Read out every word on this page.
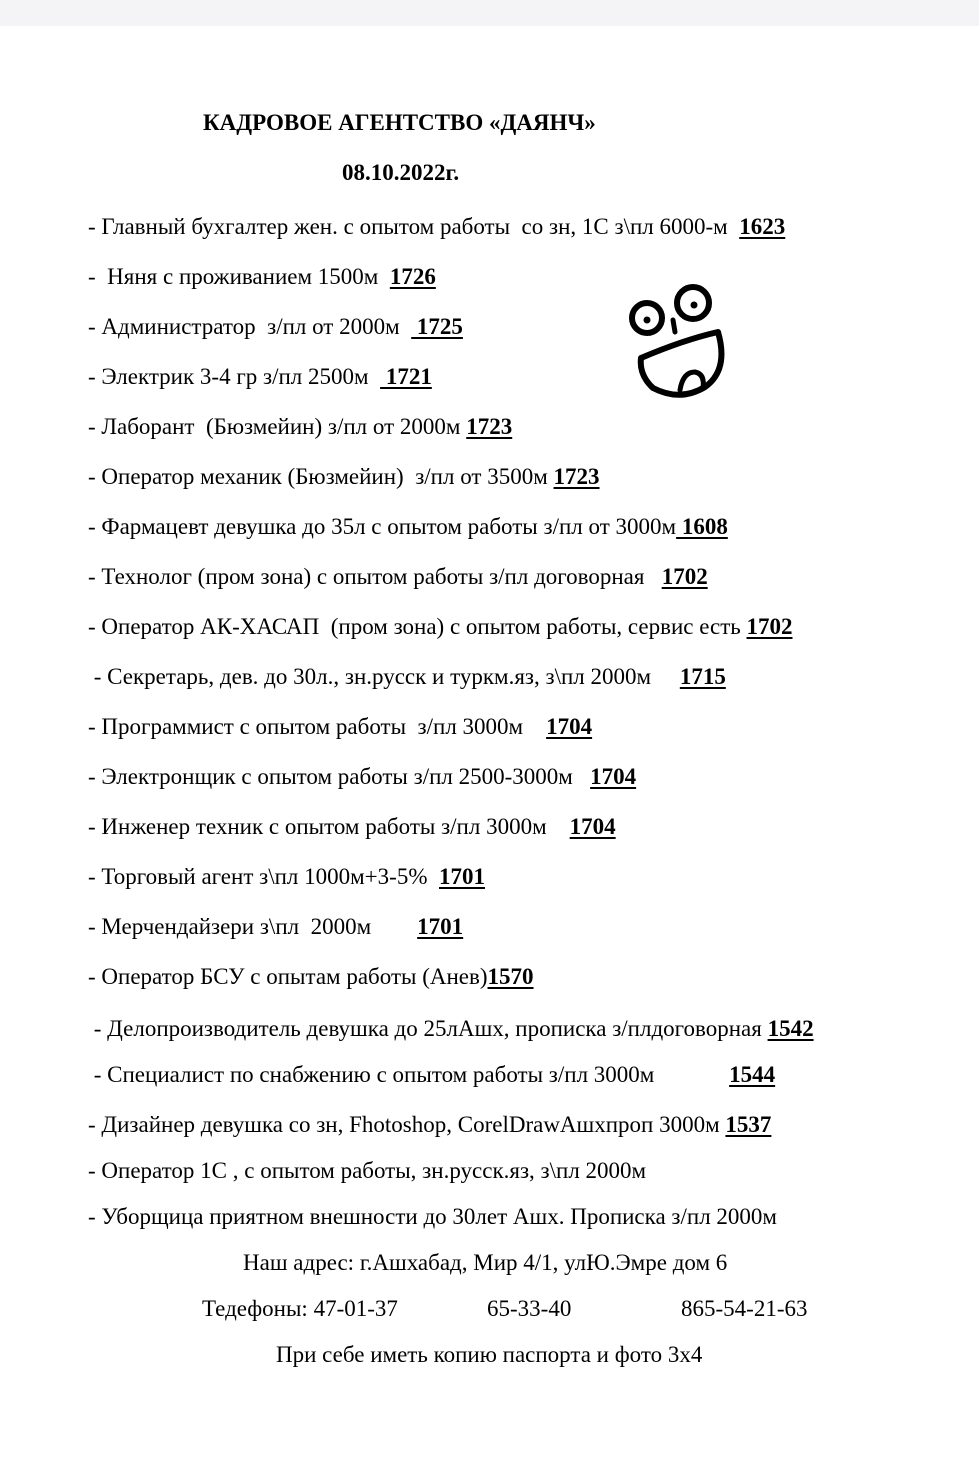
КАДРОВОЕ АГЕНТСТВО «ДАЯНЧ»
08.10.2022г.
- Главный бухгалтер жен. с опытом работы  со зн, 1С з\пл 6000-м  1623
-  Няня с проживанием 1500м  1726
- Администратор  з/пл от 2000м   1725
- Электрик 3-4 гр з/пл 2500м   1721
- Лаборант  (Бюзмейин) з/пл от 2000м 1723
- Оператор механик (Бюзмейин)  з/пл от 3500м 1723
- Фармацевт девушка до 35л с опытом работы з/пл от 3000м 1608
- Технолог (пром зона) с опытом работы з/пл договорная   1702
- Оператор АК-ХАСАП  (пром зона) с опытом работы, сервис есть 1702
- Секретарь, дев. до 30л., зн.русск и туркм.яз, з\пл 2000м     1715
- Программист с опытом работы  з/пл 3000м    1704
- Электронщик с опытом работы з/пл 2500-3000м   1704
- Инженер техник с опытом работы з/пл 3000м    1704
- Торговый агент з\пл 1000м+3-5%  1701
- Мерчендайзери з\пл  2000м        1701
- Оператор БСУ с опытам работы (Анев)1570
- Делопроизводитель девушка до 25лАшх, прописка з/плдоговорная 1542
- Специалист по снабжению с опытом работы з/пл 3000м             1544
- Дизайнер девушка со зн, Fhotoshop, CorelDrawАшхпроп 3000м 1537
- Оператор 1С , с опытом работы, зн.русск.яз, з\пл 2000м
- Уборщица приятном внешности до 30лет Ашх. Прописка з/пл 2000м
Наш адрес: г.Ашхабад, Мир 4/1, улЮ.Эмре дом 6
Тедефоны: 47-01-37	65-33-40	865-54-21-63
При себе иметь копию паспорта и фото 3х4
